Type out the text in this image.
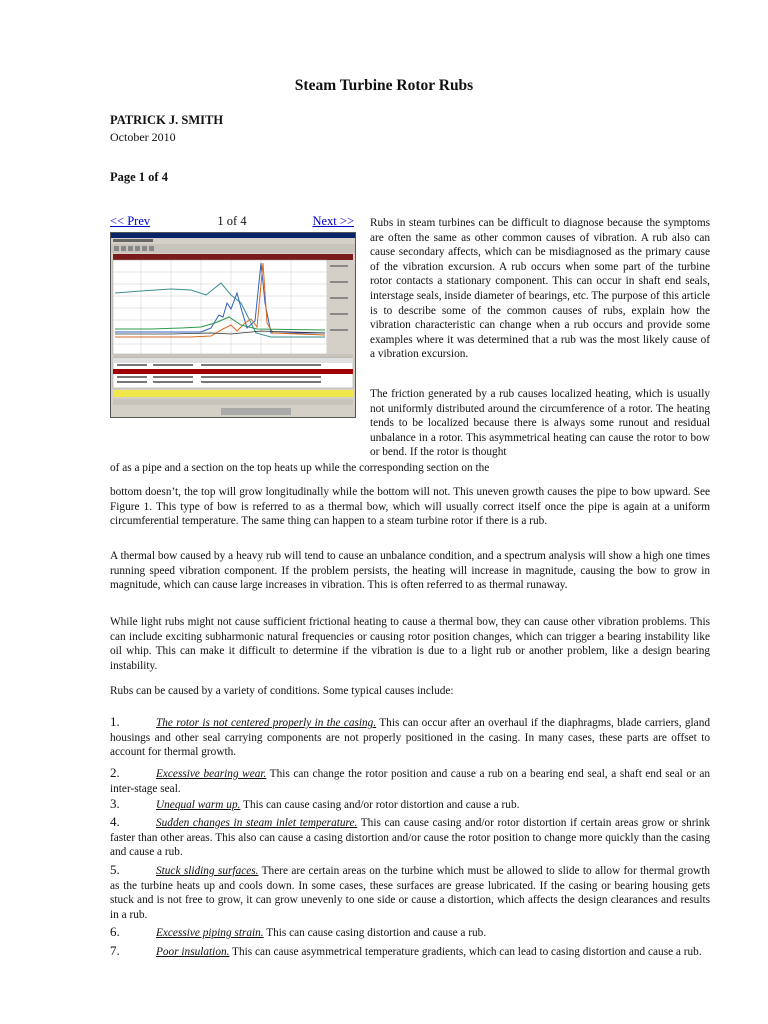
Steam Turbine Rotor Rubs
PATRICK J. SMITH
October 2010
Page 1 of 4
<< Prev	1 of 4	Next >> Rubs in steam turbines can be difficult to diagnose because the symptoms are often the same as other common causes of vibration. A rub also can cause secondary affects, which can be misdiagnosed as the primary cause of the vibration excursion. A rub occurs when some part of the turbine rotor contacts a stationary component. This can occur in shaft end seals, interstage seals, inside diameter of bearings, etc. The purpose of this article is to describe some of the common causes of rubs, explain how the vibration characteristic can change when a rub occurs and provide some examples where it was determined that a rub was the most likely cause of a vibration excursion.

The friction generated by a rub causes localized heating, which is usually not uniformly distributed around the circumference of a rotor. The heating tends to be localized because there is always some runout and residual unbalance in a rotor. This asymmetrical heating can cause the rotor to bow or bend. If the rotor is thought

of as a pipe and a section on the top heats up while the corresponding section on the

bottom doesn’t, the top will grow longitudinally while the bottom will not. This uneven growth causes the pipe to bow upward. See Figure 1. This type of bow is referred to as a thermal bow, which will usually correct itself once the pipe is again at a uniform circumferential temperature. The same thing can happen to a steam turbine rotor if there is a rub.

A thermal bow caused by a heavy rub will tend to cause an unbalance condition, and a spectrum analysis will show a high one times running speed vibration component. If the problem persists, the heating will increase in magnitude, causing the bow to grow in magnitude, which can cause large increases in vibration. This is often referred to as thermal runaway.

While light rubs might not cause sufficient frictional heating to cause a thermal bow, they can cause other vibration problems. This can include exciting subharmonic natural frequencies or causing rotor position changes, which can trigger a bearing instability like oil whip. This can make it difficult to determine if the vibration is due to a light rub or another problem, like a design bearing instability.

Rubs can be caused by a variety of conditions. Some typical causes include:

1.	The rotor is not centered properly in the casing. This can occur after an overhaul if the diaphragms, blade carriers, gland housings and other seal carrying components are not properly positioned in the casing. In many cases, these parts are offset to account for thermal growth.
2.	Excessive bearing wear. This can change the rotor position and cause a rub on a bearing end seal, a shaft end seal or an inter-stage seal.
3.	Unequal warm up. This can cause casing and/or rotor distortion and cause a rub.
4.	Sudden changes in steam inlet temperature. This can cause casing and/or rotor distortion if certain areas grow or shrink faster than other areas. This also can cause a casing distortion and/or cause the rotor position to change more quickly than the casing and cause a rub.
5.	Stuck sliding surfaces. There are certain areas on the turbine which must be allowed to slide to allow for thermal growth as the turbine heats up and cools down. In some cases, these surfaces are grease lubricated. If the casing or bearing housing gets stuck and is not free to grow, it can grow unevenly to one side or cause a distortion, which affects the design clearances and results in a rub.
6.	Excessive piping strain. This can cause casing distortion and cause a rub.
7.	Poor insulation. This can cause asymmetrical temperature gradients, which can lead to casing distortion and cause a rub.
